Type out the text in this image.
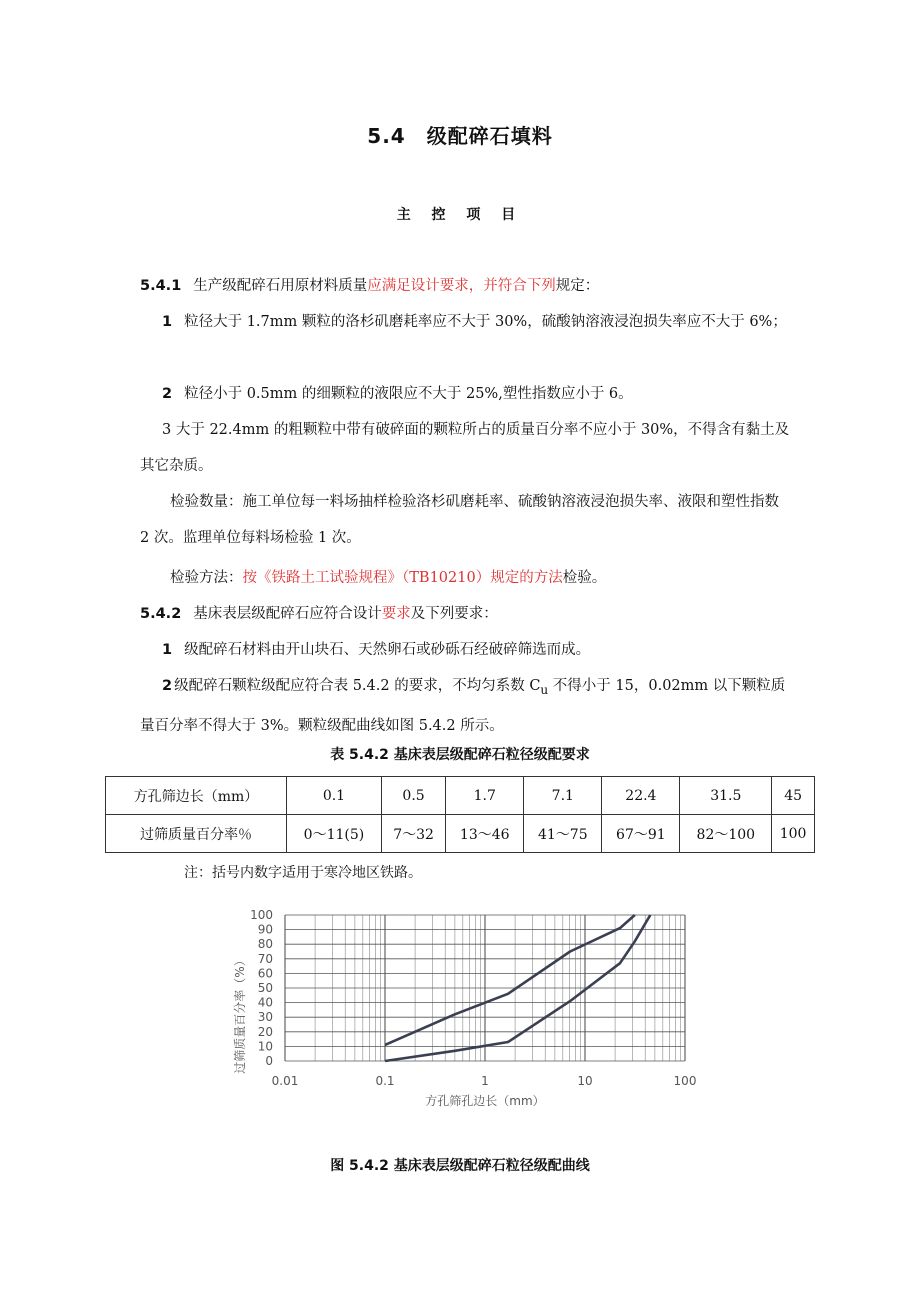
5.4　级配碎石填料
主 控 项 目
5.4.1 生产级配碎石用原材料质量应满足设计要求，并符合下列规定：
1 粒径大于 1.7mm 颗粒的洛杉矶磨耗率应不大于 30%，硫酸钠溶液浸泡损失率应不大于 6%；
2 粒径小于 0.5mm 的细颗粒的液限应不大于 25%,塑性指数应小于 6。
3 大于 22.4mm 的粗颗粒中带有破碎面的颗粒所占的质量百分率不应小于 30%，不得含有黏土及其它杂质。
检验数量：施工单位每一料场抽样检验洛杉矶磨耗率、硫酸钠溶液浸泡损失率、液限和塑性指数 2 次。监理单位每料场检验 1 次。
检验方法：按《铁路土工试验规程》（TB10210）规定的方法检验。
5.4.2 基床表层级配碎石应符合设计要求及下列要求：
1 级配碎石材料由开山块石、天然卵石或砂砾石经破碎筛选而成。
2 级配碎石颗粒级配应符合表 5.4.2 的要求，不均匀系数 $C_u$ 不得小于 15，0.02mm 以下颗粒质量百分率不得大于 3%。颗粒级配曲线如图 5.4.2 所示。
表 5.4.2 基床表层级配碎石粒径级配要求
方孔筛边长（mm）	0.1	0.5	1.7	7.1	22.4	31.5	45
过筛质量百分率％	0～11(5)	7～32	13～46	41～75	67～91	82～100	100
注：括号内数字适用于寒冷地区铁路。
0
10
20
30
40
50
60
70
80
90
100
0.01	0.1	1	10	100
过筛质量百分率（%）
方孔筛孔边长（mm）
图 5.4.2 基床表层级配碎石粒径级配曲线
